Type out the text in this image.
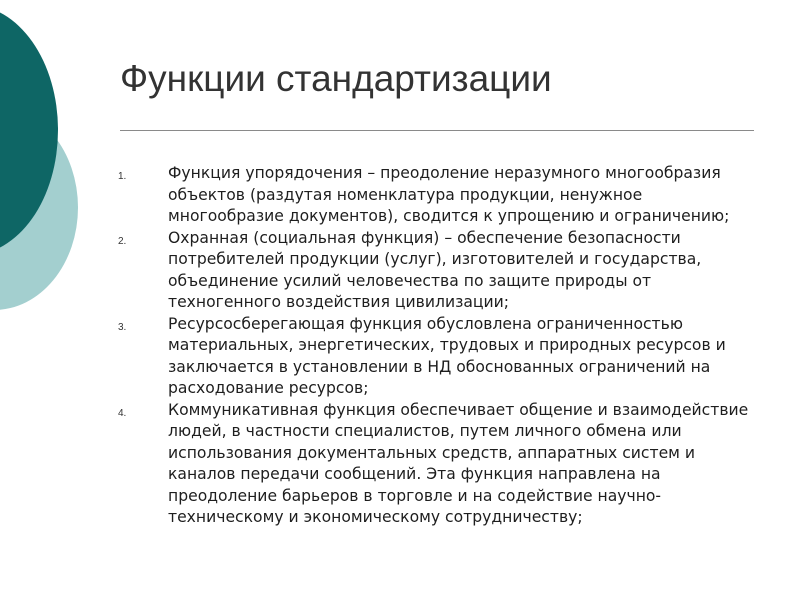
Функции стандартизации
1.	Функция упорядочения – преодоление неразумного многообразия объектов (раздутая номенклатура продукции, ненужное многообразие документов), сводится к упрощению и ограничению;
2.	Охранная (социальная функция) – обеспечение безопасности потребителей продукции (услуг), изготовителей и государства, объединение усилий человечества по защите природы от техногенного воздействия цивилизации;
3.	Ресурсосберегающая функция обусловлена ограниченностью материальных, энергетических, трудовых и природных ресурсов и заключается в установлении в НД обоснованных ограничений на расходование ресурсов;
4.	Коммуникативная функция обеспечивает общение и взаимодействие людей, в частности специалистов, путем личного обмена или использования документальных средств, аппаратных систем и каналов передачи сообщений. Эта функция направлена на преодоление барьеров в торговле и на содействие научно-техническому и экономическому сотрудничеству;
